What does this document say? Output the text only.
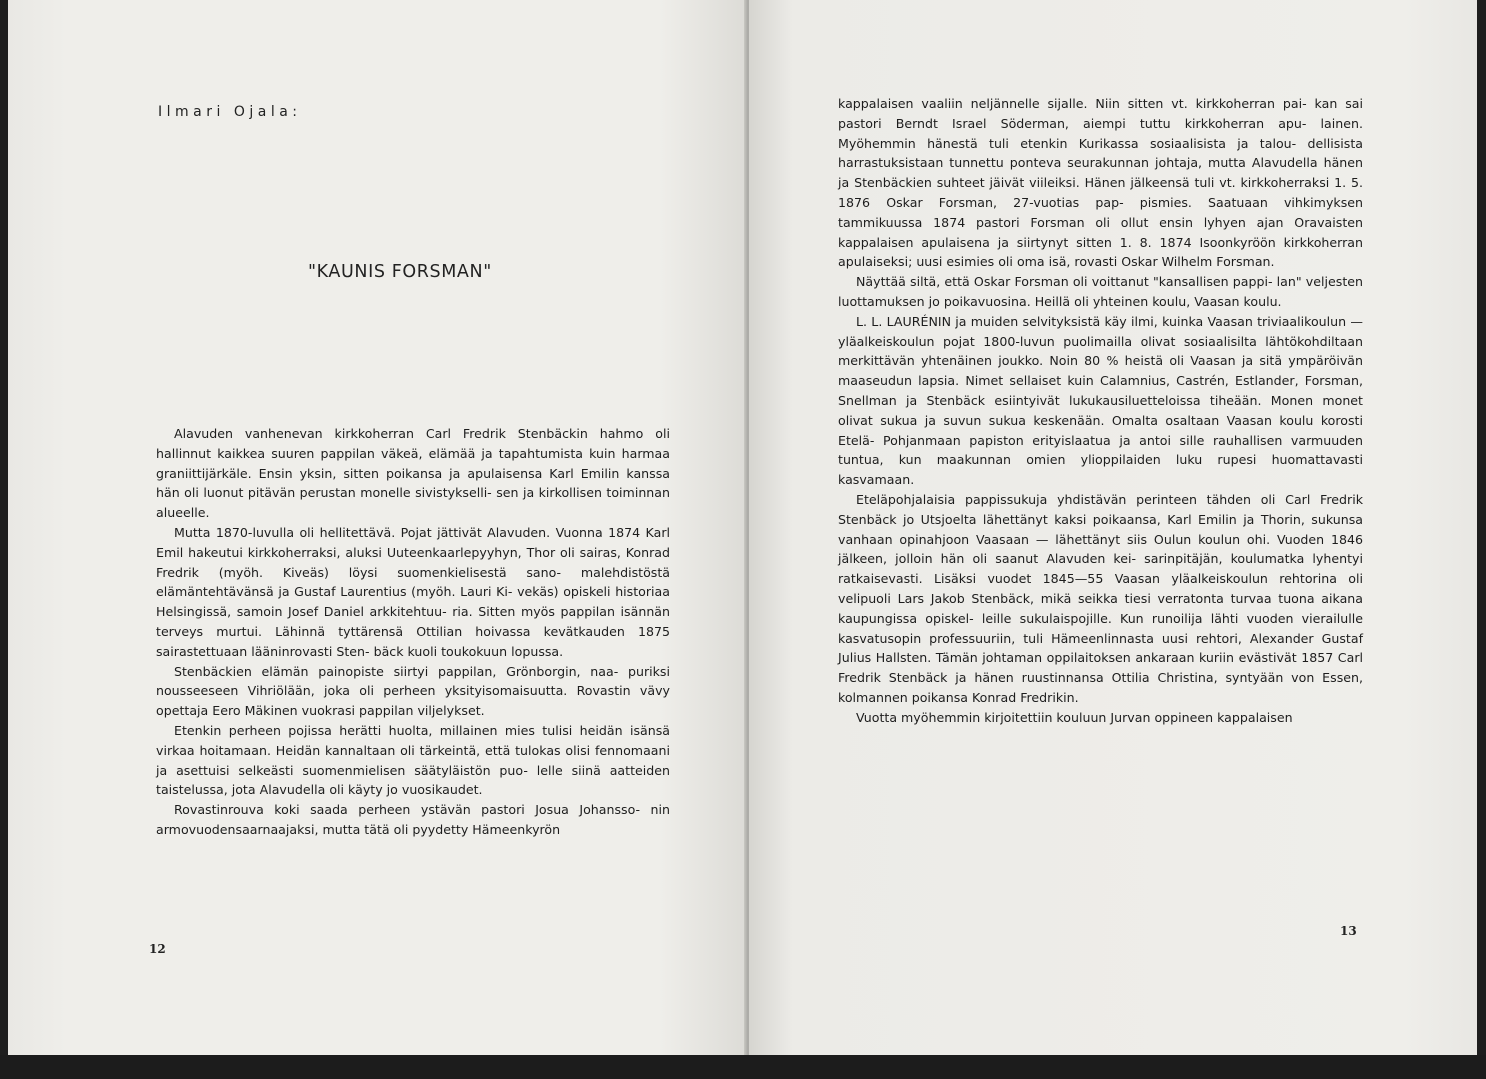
Ilmari Ojala:
"KAUNIS FORSMAN"

Alavuden vanhenevan kirkkoherran Carl Fredrik Stenbäckin hahmo oli hallinnut kaikkea suuren pappilan väkeä, elämää ja tapahtumista kuin harmaa graniittijärkäle. Ensin yksin, sitten poikansa ja apulaisensa Karl Emilin kanssa hän oli luonut pitävän perustan monelle sivistykselli- sen ja kirkollisen toiminnan alueelle.

Mutta 1870-luvulla oli hellitettävä. Pojat jättivät Alavuden. Vuonna 1874 Karl Emil hakeutui kirkkoherraksi, aluksi Uuteenkaarlepyyhyn, Thor oli sairas, Konrad Fredrik (myöh. Kiveäs) löysi suomenkielisestä sano- malehdistöstä elämäntehtävänsä ja Gustaf Laurentius (myöh. Lauri Ki- vekäs) opiskeli historiaa Helsingissä, samoin Josef Daniel arkkitehtuu- ria. Sitten myös pappilan isännän terveys murtui. Lähinnä tyttärensä Ottilian hoivassa kevätkauden 1875 sairastettuaan lääninrovasti Sten- bäck kuoli toukokuun lopussa.

Stenbäckien elämän painopiste siirtyi pappilan, Grönborgin, naa- puriksi nousseeseen Vihriölään, joka oli perheen yksityisomaisuutta. Rovastin vävy opettaja Eero Mäkinen vuokrasi pappilan viljelykset.

Etenkin perheen pojissa herätti huolta, millainen mies tulisi heidän isänsä virkaa hoitamaan. Heidän kannaltaan oli tärkeintä, että tulokas olisi fennomaani ja asettuisi selkeästi suomenmielisen säätyläistön puo- lelle siinä aatteiden taistelussa, jota Alavudella oli käyty jo vuosikaudet.

Rovastinrouva koki saada perheen ystävän pastori Josua Johansso- nin armovuodensaarnaajaksi, mutta tätä oli pyydetty Hämeenkyrön

12

kappalaisen vaaliin neljännelle sijalle. Niin sitten vt. kirkkoherran pai- kan sai pastori Berndt Israel Söderman, aiempi tuttu kirkkoherran apu- lainen. Myöhemmin hänestä tuli etenkin Kurikassa sosiaalisista ja talou- dellisista harrastuksistaan tunnettu ponteva seurakunnan johtaja, mutta Alavudella hänen ja Stenbäckien suhteet jäivät viileiksi. Hänen jälkeensä tuli vt. kirkkoherraksi 1. 5. 1876 Oskar Forsman, 27-vuotias pap- pismies. Saatuaan vihkimyksen tammikuussa 1874 pastori Forsman oli ollut ensin lyhyen ajan Oravaisten kappalaisen apulaisena ja siirtynyt sitten 1. 8. 1874 Isoonkyröön kirkkoherran apulaiseksi; uusi esimies oli oma isä, rovasti Oskar Wilhelm Forsman.

Näyttää siltä, että Oskar Forsman oli voittanut "kansallisen pappi- lan" veljesten luottamuksen jo poikavuosina. Heillä oli yhteinen koulu, Vaasan koulu.

L. L. LAURÉNIN ja muiden selvityksistä käy ilmi, kuinka Vaasan triviaalikoulun — yläalkeiskoulun pojat 1800-luvun puolimailla olivat sosiaalisilta lähtökohdiltaan merkittävän yhtenäinen joukko. Noin 80 % heistä oli Vaasan ja sitä ympäröivän maaseudun lapsia. Nimet sellaiset kuin Calamnius, Castrén, Estlander, Forsman, Snellman ja Stenbäck esiintyivät lukukausiluetteloissa tiheään. Monen monet olivat sukua ja suvun sukua keskenään. Omalta osaltaan Vaasan koulu korosti Etelä- Pohjanmaan papiston erityislaatua ja antoi sille rauhallisen varmuuden tuntua, kun maakunnan omien ylioppilaiden luku rupesi huomattavasti kasvamaan.

Eteläpohjalaisia pappissukuja yhdistävän perinteen tähden oli Carl Fredrik Stenbäck jo Utsjoelta lähettänyt kaksi poikaansa, Karl Emilin ja Thorin, sukunsa vanhaan opinahjoon Vaasaan — lähettänyt siis Oulun koulun ohi. Vuoden 1846 jälkeen, jolloin hän oli saanut Alavuden kei- sarinpitäjän, koulumatka lyhentyi ratkaisevasti. Lisäksi vuodet 1845—55 Vaasan yläalkeiskoulun rehtorina oli velipuoli Lars Jakob Stenbäck, mikä seikka tiesi verratonta turvaa tuona aikana kaupungissa opiskel- leille sukulaispojille. Kun runoilija lähti vuoden vierailulle kasvatusopin professuuriin, tuli Hämeenlinnasta uusi rehtori, Alexander Gustaf Julius Hallsten. Tämän johtaman oppilaitoksen ankaraan kuriin evästivät 1857 Carl Fredrik Stenbäck ja hänen ruustinnansa Ottilia Christina, syntyään von Essen, kolmannen poikansa Konrad Fredrikin.

Vuotta myöhemmin kirjoitettiin kouluun Jurvan oppineen kappalaisen

13
